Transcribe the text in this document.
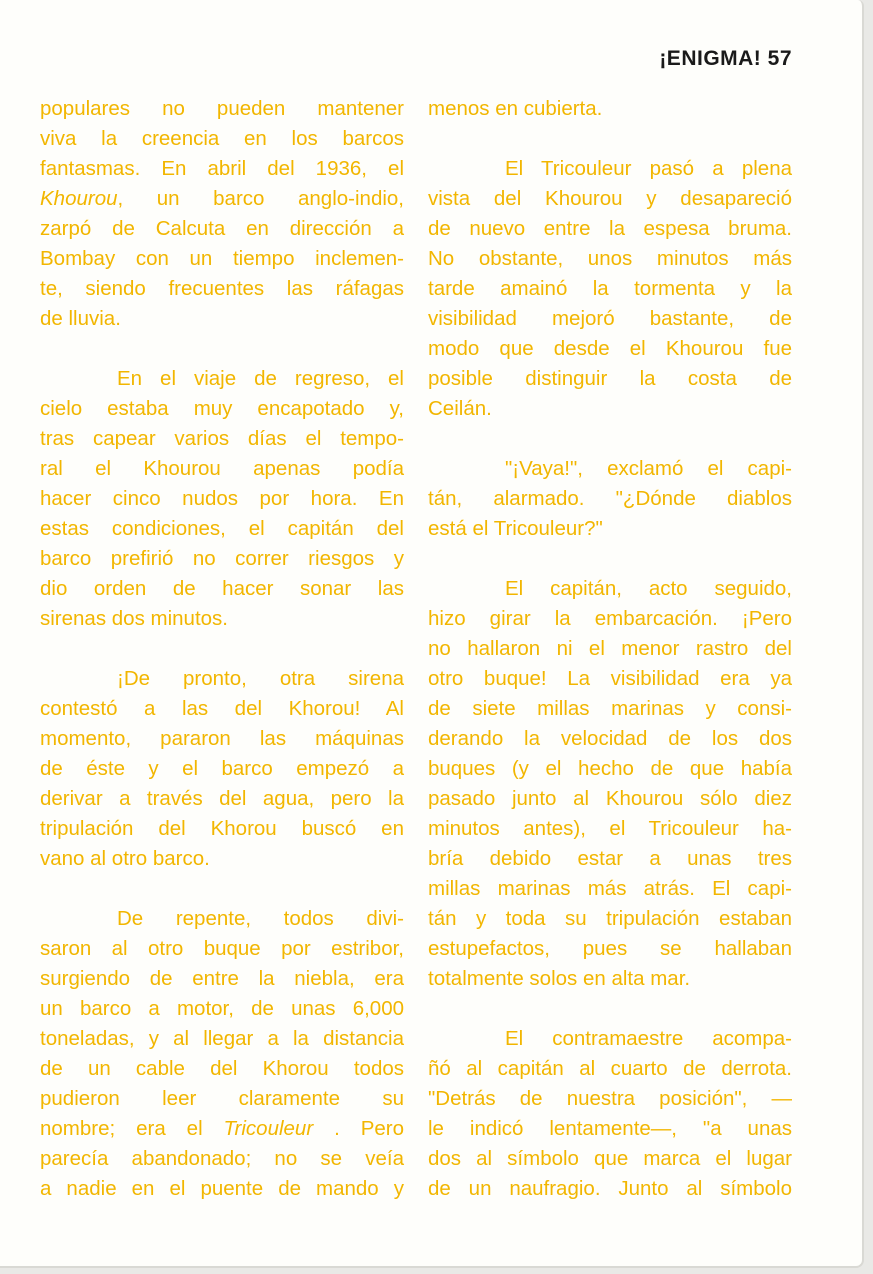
¡ENIGMA! 57
populares no pueden mantener
viva la creencia en los barcos
fantasmas. En abril del 1936, el
Khourou, un barco anglo-indio,
zarpó de Calcuta en dirección a
Bombay con un tiempo inclemen-
te, siendo frecuentes las ráfagas
de lluvia.
En el viaje de regreso, el
cielo estaba muy encapotado y,
tras capear varios días el tempo-
ral el Khourou apenas podía
hacer cinco nudos por hora. En
estas condiciones, el capitán del
barco prefirió no correr riesgos y
dio orden de hacer sonar las
sirenas dos minutos.
¡De pronto, otra sirena
contestó a las del Khorou! Al
momento, pararon las máquinas
de éste y el barco empezó a
derivar a través del agua, pero la
tripulación del Khorou buscó en
vano al otro barco.
De repente, todos divi-
saron al otro buque por estribor,
surgiendo de entre la niebla, era
un barco a motor, de unas 6,000
toneladas, y al llegar a la distancia
de un cable del Khorou todos
pudieron leer claramente su
nombre; era el Tricouleur . Pero
parecía abandonado; no se veía
a nadie en el puente de mando y
menos en cubierta.
El Tricouleur pasó a plena
vista del Khourou y desapareció
de nuevo entre la espesa bruma.
No obstante, unos minutos más
tarde amainó la tormenta y la
visibilidad mejoró bastante, de
modo que desde el Khourou fue
posible distinguir la costa de
Ceilán.
"¡Vaya!", exclamó el capi-
tán, alarmado. "¿Dónde diablos
está el Tricouleur?"
El capitán, acto seguido,
hizo girar la embarcación. ¡Pero
no hallaron ni el menor rastro del
otro buque! La visibilidad era ya
de siete millas marinas y consi-
derando la velocidad de los dos
buques (y el hecho de que había
pasado junto al Khourou sólo diez
minutos antes), el Tricouleur ha-
bría debido estar a unas tres
millas marinas más atrás. El capi-
tán y toda su tripulación estaban
estupefactos, pues se hallaban
totalmente solos en alta mar.
El contramaestre acompa-
ñó al capitán al cuarto de derrota.
"Detrás de nuestra posición", —
le indicó lentamente—, "a unas
dos al símbolo que marca el lugar
de un naufragio. Junto al símbolo
